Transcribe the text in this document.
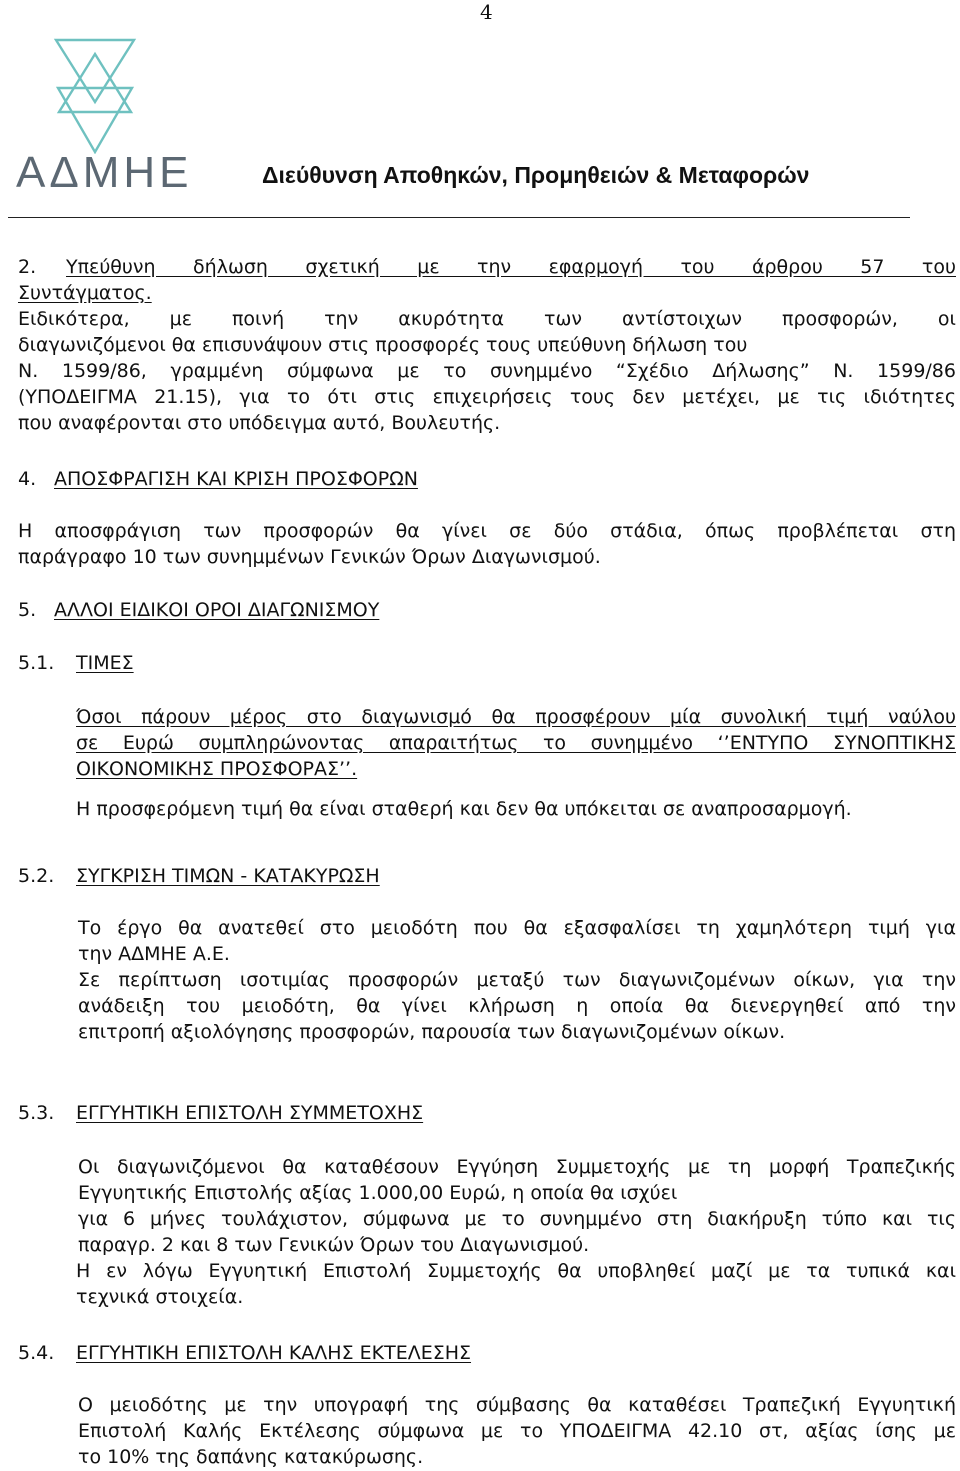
4
ΑΔΜΗΕ	Διεύθυνση Αποθηκών, Προμηθειών & Μεταφορών
2. Υπεύθυνη δήλωση σχετική με την εφαρμογή του άρθρου 57 του
Συντάγματος.
Ειδικότερα, με ποινή την ακυρότητα των αντίστοιχων προσφορών, οι
διαγωνιζόμενοι θα επισυνάψουν στις προσφορές τους υπεύθυνη δήλωση του
Ν. 1599/86, γραμμένη σύμφωνα με το συνημμένο “Σχέδιο Δήλωσης” Ν. 1599/86
(ΥΠΟΔΕΙΓΜΑ 21.15), για το ότι στις επιχειρήσεις τους δεν μετέχει, με τις ιδιότητες
που αναφέρονται στο υπόδειγμα αυτό, Βουλευτής.
4. ΑΠΟΣΦΡΑΓΙΣΗ ΚΑΙ ΚΡΙΣΗ ΠΡΟΣΦΟΡΩΝ
Η αποσφράγιση των προσφορών θα γίνει σε δύο στάδια, όπως προβλέπεται στη
παράγραφο 10 των συνημμένων Γενικών Όρων Διαγωνισμού.
5. ΑΛΛΟΙ ΕΙΔΙΚΟΙ ΟΡΟΙ ΔΙΑΓΩΝΙΣΜΟΥ
5.1. ΤΙΜΕΣ
Όσοι πάρουν μέρος στο διαγωνισμό θα προσφέρουν μία συνολική τιμή ναύλου
σε Ευρώ συμπληρώνοντας απαραιτήτως το συνημμένο ‘’ΕΝΤΥΠΟ ΣΥΝΟΠΤΙΚΗΣ
ΟΙΚΟΝΟΜΙΚΗΣ ΠΡΟΣΦΟΡΑΣ’’.
Η προσφερόμενη τιμή θα είναι σταθερή και δεν θα υπόκειται σε αναπροσαρμογή.
5.2. ΣΥΓΚΡΙΣΗ ΤΙΜΩΝ - ΚΑΤΑΚΥΡΩΣΗ
Το έργο θα ανατεθεί στο μειοδότη που θα εξασφαλίσει τη χαμηλότερη τιμή για
την ΑΔΜΗΕ Α.Ε.
Σε περίπτωση ισοτιμίας προσφορών μεταξύ των διαγωνιζομένων οίκων, για την
ανάδειξη του μειοδότη, θα γίνει κλήρωση η οποία θα διενεργηθεί από την
επιτροπή αξιολόγησης προσφορών, παρουσία των διαγωνιζομένων οίκων.
5.3. ΕΓΓΥΗΤΙΚΗ ΕΠΙΣΤΟΛΗ ΣΥΜΜΕΤΟΧΗΣ
Οι διαγωνιζόμενοι θα καταθέσουν Εγγύηση Συμμετοχής με τη μορφή Τραπεζικής
Εγγυητικής Επιστολής αξίας 1.000,00 Ευρώ, η οποία θα ισχύει
για 6 μήνες τουλάχιστον, σύμφωνα με το συνημμένο στη διακήρυξη τύπο και τις
παραγρ. 2 και 8 των Γενικών Όρων του Διαγωνισμού.
Η εν λόγω Εγγυητική Επιστολή Συμμετοχής θα υποβληθεί μαζί με τα τυπικά και
τεχνικά στοιχεία.
5.4. ΕΓΓΥΗΤΙΚΗ ΕΠΙΣΤΟΛΗ ΚΑΛΗΣ ΕΚΤΕΛΕΣΗΣ
Ο μειοδότης με την υπογραφή της σύμβασης θα καταθέσει Τραπεζική Εγγυητική
Επιστολή Καλής Εκτέλεσης σύμφωνα με το ΥΠΟΔΕΙΓΜΑ 42.10 στ, αξίας ίσης με
το 10% της δαπάνης κατακύρωσης.
